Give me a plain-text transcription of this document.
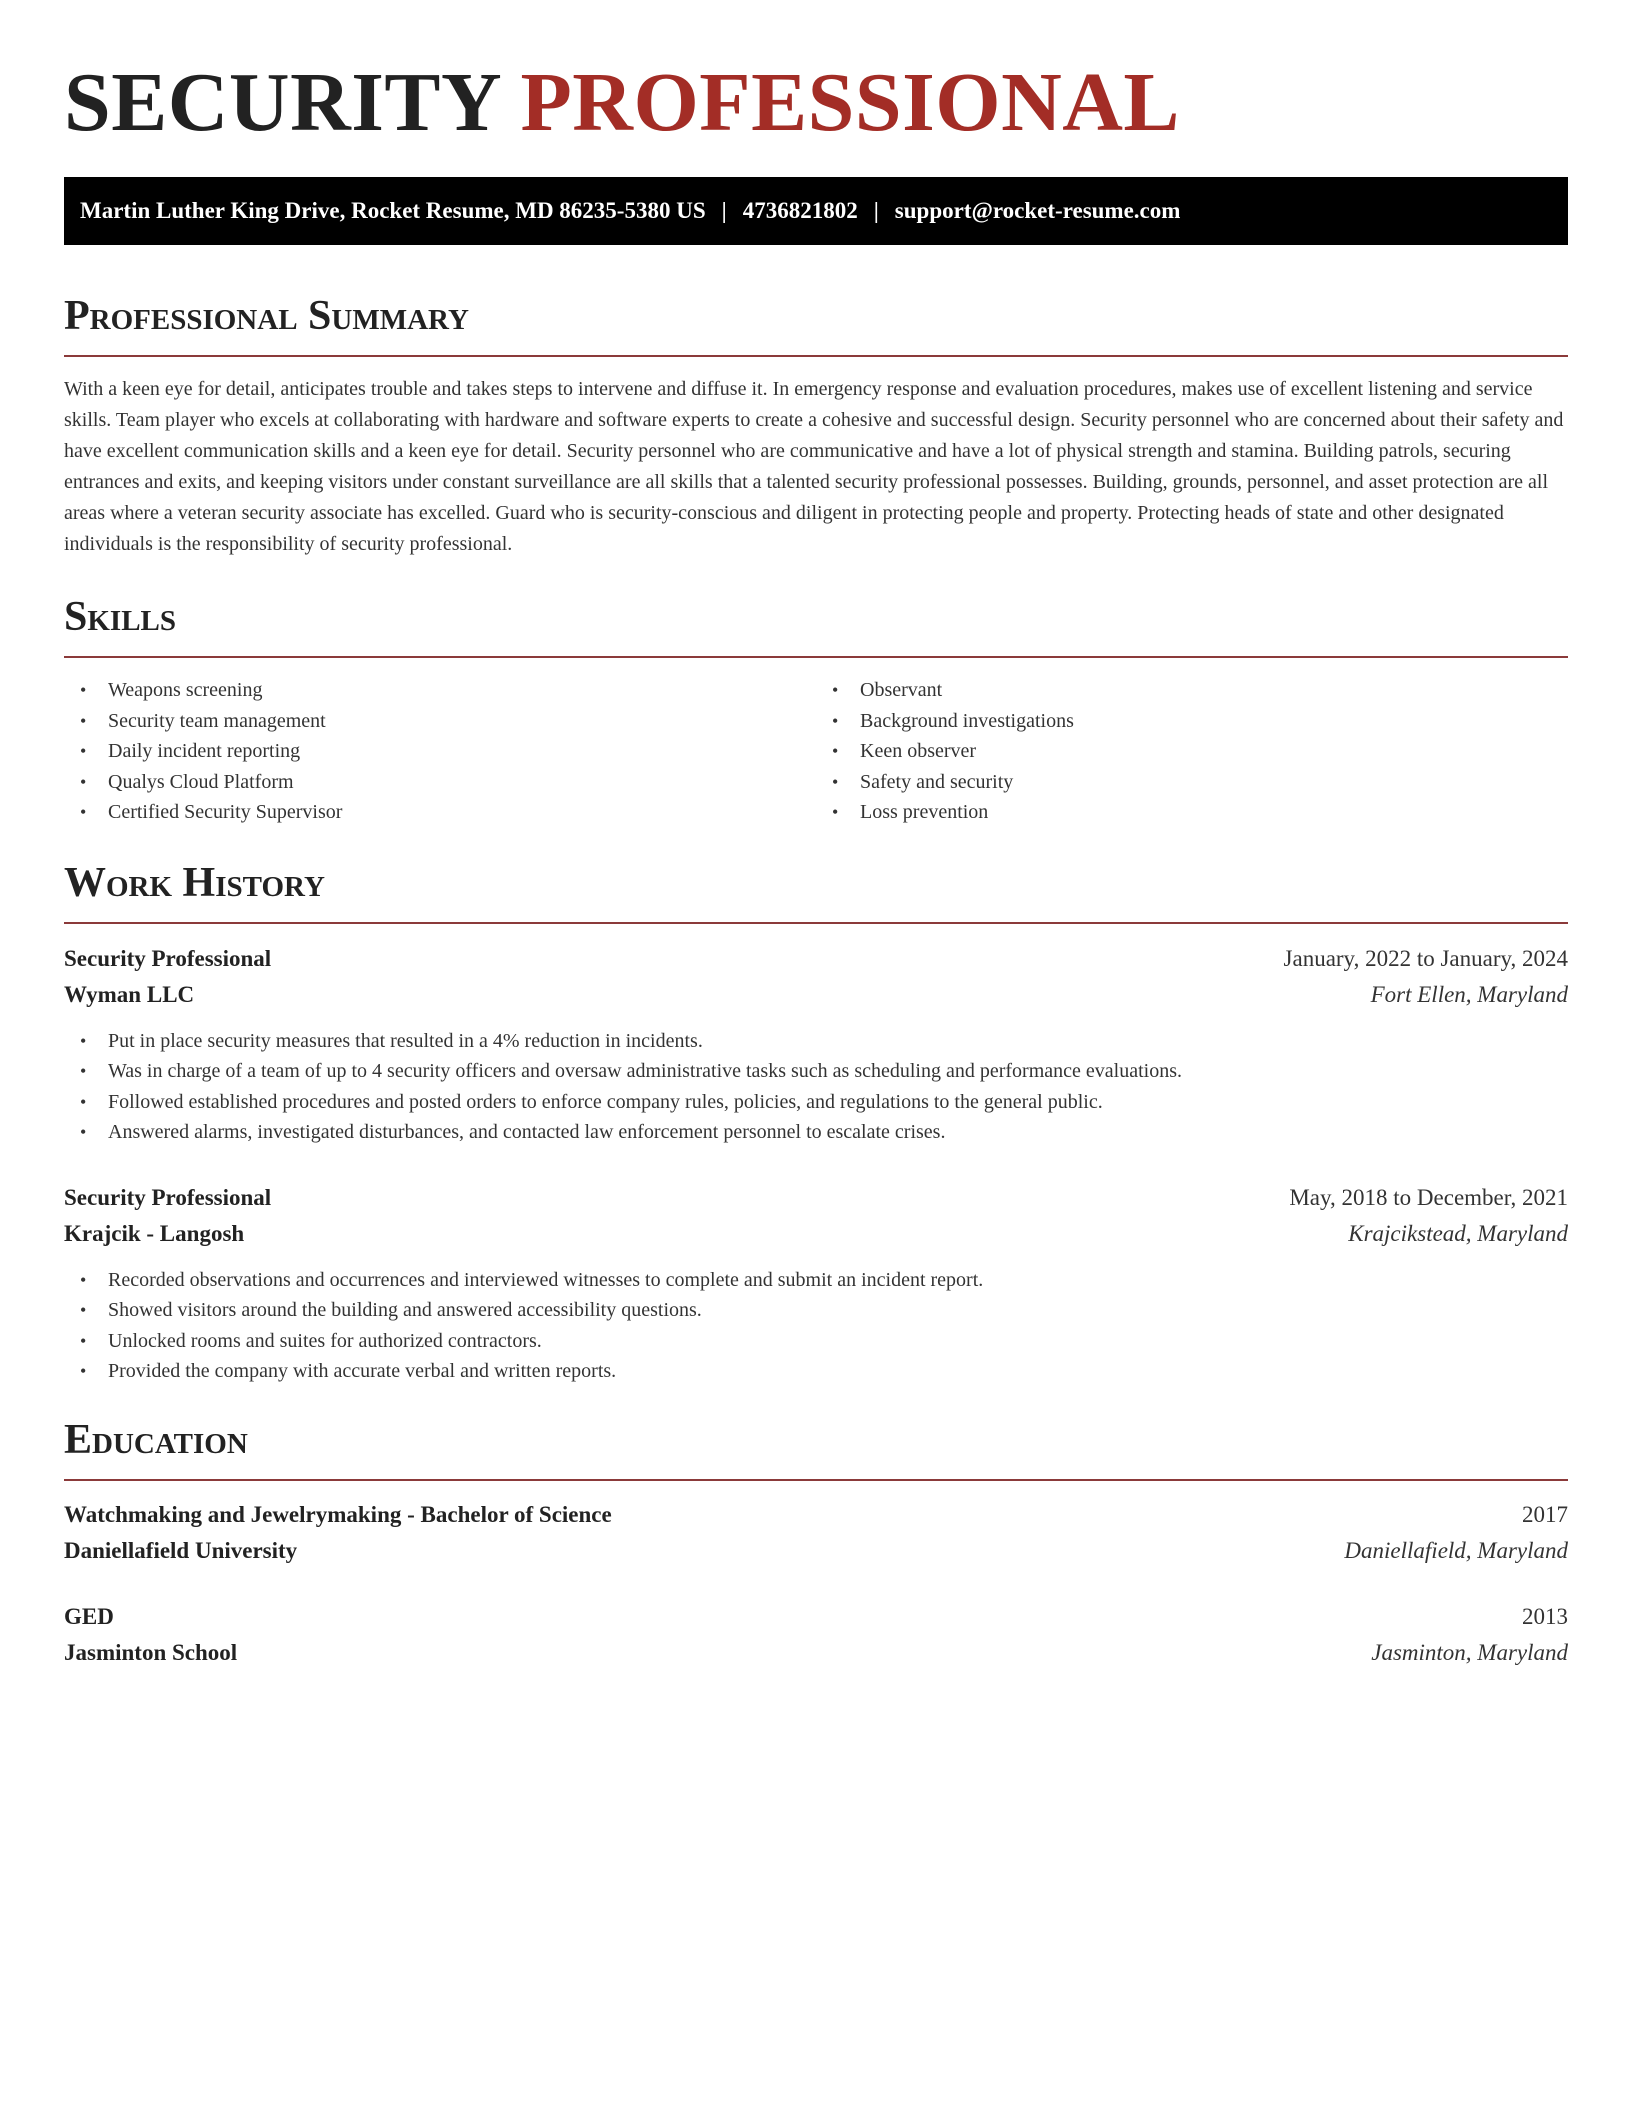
SECURITY PROFESSIONAL
Martin Luther King Drive, Rocket Resume, MD 86235-5380 US | 4736821802 | support@rocket-resume.com
Professional Summary

With a keen eye for detail, anticipates trouble and takes steps to intervene and diffuse it. In emergency response and evaluation procedures, makes use of excellent listening and service skills. Team player who excels at collaborating with hardware and software experts to create a cohesive and successful design. Security personnel who are concerned about their safety and have excellent communication skills and a keen eye for detail. Security personnel who are communicative and have a lot of physical strength and stamina. Building patrols, securing entrances and exits, and keeping visitors under constant surveillance are all skills that a talented security professional possesses. Building, grounds, personnel, and asset protection are all areas where a veteran security associate has excelled. Guard who is security-conscious and diligent in protecting people and property. Protecting heads of state and other designated individuals is the responsibility of security professional.

Skills
• Weapons screening
• Security team management
• Daily incident reporting
• Qualys Cloud Platform
• Certified Security Supervisor
• Observant
• Background investigations
• Keen observer
• Safety and security
• Loss prevention
Work History
Security Professional	January, 2022 to January, 2024
Wyman LLC	Fort Ellen, Maryland
• Put in place security measures that resulted in a 4% reduction in incidents.
• Was in charge of a team of up to 4 security officers and oversaw administrative tasks such as scheduling and performance evaluations.
• Followed established procedures and posted orders to enforce company rules, policies, and regulations to the general public.
• Answered alarms, investigated disturbances, and contacted law enforcement personnel to escalate crises.
Security Professional	May, 2018 to December, 2021
Krajcik - Langosh	Krajcikstead, Maryland
• Recorded observations and occurrences and interviewed witnesses to complete and submit an incident report.
• Showed visitors around the building and answered accessibility questions.
• Unlocked rooms and suites for authorized contractors.
• Provided the company with accurate verbal and written reports.
Education
Watchmaking and Jewelrymaking - Bachelor of Science	2017
Daniellafield University	Daniellafield, Maryland
GED	2013
Jasminton School	Jasminton, Maryland
